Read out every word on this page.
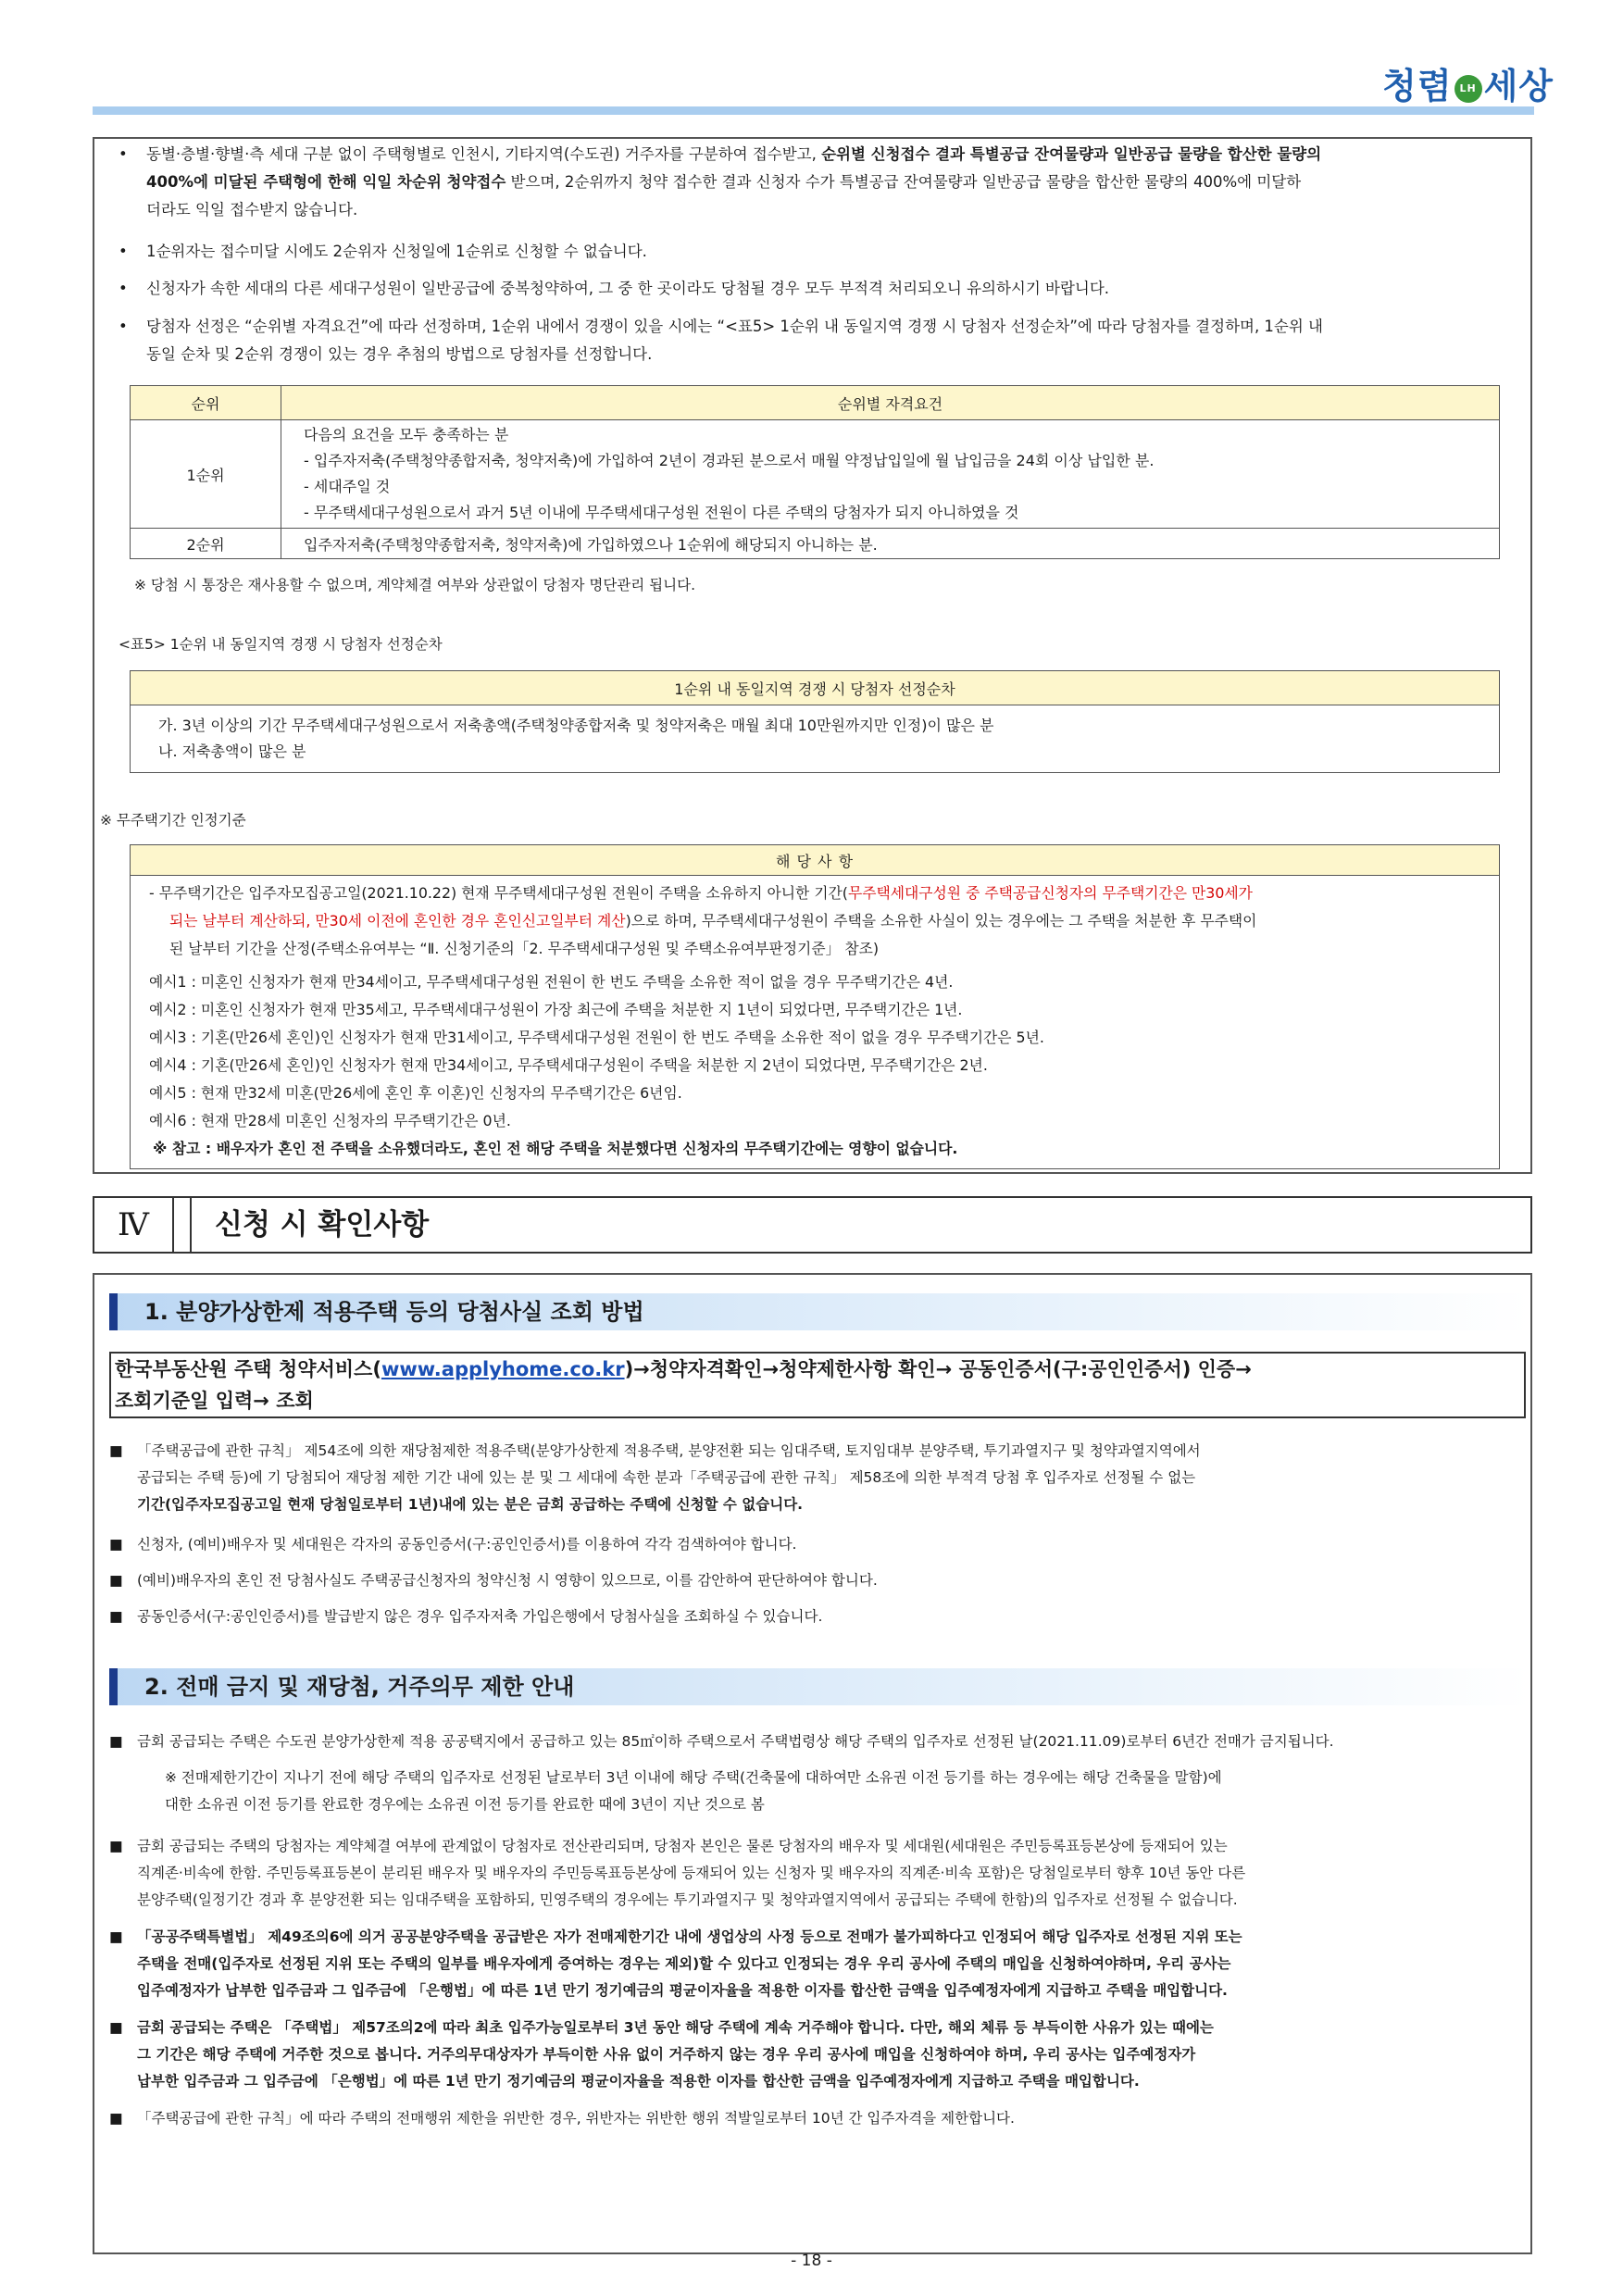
청렴 LH 세상
•	동별·층별·향별·측 세대 구분 없이 주택형별로 인천시, 기타지역(수도권) 거주자를 구분하여 접수받고, 순위별 신청접수 결과 특별공급 잔여물량과 일반공급 물량을 합산한 물량의
400%에 미달된 주택형에 한해 익일 차순위 청약접수 받으며, 2순위까지 청약 접수한 결과 신청자 수가 특별공급 잔여물량과 일반공급 물량을 합산한 물량의 400%에 미달하
더라도 익일 접수받지 않습니다.
•	1순위자는 접수미달 시에도 2순위자 신청일에 1순위로 신청할 수 없습니다.
•	신청자가 속한 세대의 다른 세대구성원이 일반공급에 중복청약하여, 그 중 한 곳이라도 당첨될 경우 모두 부적격 처리되오니 유의하시기 바랍니다.
•	당첨자 선정은 “순위별 자격요건”에 따라 선정하며, 1순위 내에서 경쟁이 있을 시에는 “<표5> 1순위 내 동일지역 경쟁 시 당첨자 선정순차”에 따라 당첨자를 결정하며, 1순위 내
동일 순차 및 2순위 경쟁이 있는 경우 추첨의 방법으로 당첨자를 선정합니다.
순위	순위별 자격요건
1순위	다음의 요건을 모두 충족하는 분
- 입주자저축(주택청약종합저축, 청약저축)에 가입하여 2년이 경과된 분으로서 매월 약정납입일에 월 납입금을 24회 이상 납입한 분.
- 세대주일 것
- 무주택세대구성원으로서 과거 5년 이내에 무주택세대구성원 전원이 다른 주택의 당첨자가 되지 아니하였을 것

2순위	입주자저축(주택청약종합저축, 청약저축)에 가입하였으나 1순위에 해당되지 아니하는 분.
※ 당첨 시 통장은 재사용할 수 없으며, 계약체결 여부와 상관없이 당첨자 명단관리 됩니다.
<표5> 1순위 내 동일지역 경쟁 시 당첨자 선정순차
1순위 내 동일지역 경쟁 시 당첨자 선정순차

가. 3년 이상의 기간 무주택세대구성원으로서 저축총액(주택청약종합저축 및 청약저축은 매월 최대 10만원까지만 인정)이 많은 분
나. 저축총액이 많은 분
※ 무주택기간 인정기준
해 당 사 항

- 무주택기간은 입주자모집공고일(2021.10.22) 현재 무주택세대구성원 전원이 주택을 소유하지 아니한 기간(무주택세대구성원 중 주택공급신청자의 무주택기간은 만30세가
되는 날부터 계산하되, 만30세 이전에 혼인한 경우 혼인신고일부터 계산)으로 하며, 무주택세대구성원이 주택을 소유한 사실이 있는 경우에는 그 주택을 처분한 후 무주택이
된 날부터 기간을 산정(주택소유여부는 “Ⅱ. 신청기준의「2. 무주택세대구성원 및 주택소유여부판정기준」 참조)
예시1 : 미혼인 신청자가 현재 만34세이고, 무주택세대구성원 전원이 한 번도 주택을 소유한 적이 없을 경우 무주택기간은 4년.
예시2 : 미혼인 신청자가 현재 만35세고, 무주택세대구성원이 가장 최근에 주택을 처분한 지 1년이 되었다면, 무주택기간은 1년.
예시3 : 기혼(만26세 혼인)인 신청자가 현재 만31세이고, 무주택세대구성원 전원이 한 번도 주택을 소유한 적이 없을 경우 무주택기간은 5년.
예시4 : 기혼(만26세 혼인)인 신청자가 현재 만34세이고, 무주택세대구성원이 주택을 처분한 지 2년이 되었다면, 무주택기간은 2년.
예시5 : 현재 만32세 미혼(만26세에 혼인 후 이혼)인 신청자의 무주택기간은 6년임.
예시6 : 현재 만28세 미혼인 신청자의 무주택기간은 0년.
※ 참고 : 배우자가 혼인 전 주택을 소유했더라도, 혼인 전 해당 주택을 처분했다면 신청자의 무주택기간에는 영향이 없습니다.
Ⅳ	신청 시 확인사항
1. 분양가상한제 적용주택 등의 당첨사실 조회 방법
한국부동산원 주택 청약서비스(www.applyhome.co.kr)→청약자격확인→청약제한사항 확인→ 공동인증서(구:공인인증서) 인증→
조회기준일 입력→ 조회
■ 「주택공급에 관한 규칙」 제54조에 의한 재당첨제한 적용주택(분양가상한제 적용주택, 분양전환 되는 임대주택, 토지임대부 분양주택, 투기과열지구 및 청약과열지역에서
공급되는 주택 등)에 기 당첨되어 재당첨 제한 기간 내에 있는 분 및 그 세대에 속한 분과「주택공급에 관한 규칙」 제58조에 의한 부적격 당첨 후 입주자로 선정될 수 없는
기간(입주자모집공고일 현재 당첨일로부터 1년)내에 있는 분은 금회 공급하는 주택에 신청할 수 없습니다.
■ 신청자, (예비)배우자 및 세대원은 각자의 공동인증서(구:공인인증서)를 이용하여 각각 검색하여야 합니다.
■ (예비)배우자의 혼인 전 당첨사실도 주택공급신청자의 청약신청 시 영향이 있으므로, 이를 감안하여 판단하여야 합니다.
■ 공동인증서(구:공인인증서)를 발급받지 않은 경우 입주자저축 가입은행에서 당첨사실을 조회하실 수 있습니다.
2. 전매 금지 및 재당첨, 거주의무 제한 안내
■ 금회 공급되는 주택은 수도권 분양가상한제 적용 공공택지에서 공급하고 있는 85㎡이하 주택으로서 주택법령상 해당 주택의 입주자로 선정된 날(2021.11.09)로부터 6년간 전매가 금지됩니다.
※ 전매제한기간이 지나기 전에 해당 주택의 입주자로 선정된 날로부터 3년 이내에 해당 주택(건축물에 대하여만 소유권 이전 등기를 하는 경우에는 해당 건축물을 말함)에
대한 소유권 이전 등기를 완료한 경우에는 소유권 이전 등기를 완료한 때에 3년이 지난 것으로 봄
■ 금회 공급되는 주택의 당첨자는 계약체결 여부에 관계없이 당첨자로 전산관리되며, 당첨자 본인은 물론 당첨자의 배우자 및 세대원(세대원은 주민등록표등본상에 등재되어 있는
직계존·비속에 한함. 주민등록표등본이 분리된 배우자 및 배우자의 주민등록표등본상에 등재되어 있는 신청자 및 배우자의 직계존·비속 포함)은 당첨일로부터 향후 10년 동안 다른
분양주택(일정기간 경과 후 분양전환 되는 임대주택을 포함하되, 민영주택의 경우에는 투기과열지구 및 청약과열지역에서 공급되는 주택에 한함)의 입주자로 선정될 수 없습니다.
■ 「공공주택특별법」 제49조의6에 의거 공공분양주택을 공급받은 자가 전매제한기간 내에 생업상의 사정 등으로 전매가 불가피하다고 인정되어 해당 입주자로 선정된 지위 또는
주택을 전매(입주자로 선정된 지위 또는 주택의 일부를 배우자에게 증여하는 경우는 제외)할 수 있다고 인정되는 경우 우리 공사에 주택의 매입을 신청하여야하며, 우리 공사는
입주예정자가 납부한 입주금과 그 입주금에 「은행법」에 따른 1년 만기 정기예금의 평균이자율을 적용한 이자를 합산한 금액을 입주예정자에게 지급하고 주택을 매입합니다.
■ 금회 공급되는 주택은 「주택법」 제57조의2에 따라 최초 입주가능일로부터 3년 동안 해당 주택에 계속 거주해야 합니다. 다만, 해외 체류 등 부득이한 사유가 있는 때에는
그 기간은 해당 주택에 거주한 것으로 봅니다. 거주의무대상자가 부득이한 사유 없이 거주하지 않는 경우 우리 공사에 매입을 신청하여야 하며, 우리 공사는 입주예정자가
납부한 입주금과 그 입주금에 「은행법」에 따른 1년 만기 정기예금의 평균이자율을 적용한 이자를 합산한 금액을 입주예정자에게 지급하고 주택을 매입합니다.
■ 「주택공급에 관한 규칙」에 따라 주택의 전매행위 제한을 위반한 경우, 위반자는 위반한 행위 적발일로부터 10년 간 입주자격을 제한합니다.
- 18 -
